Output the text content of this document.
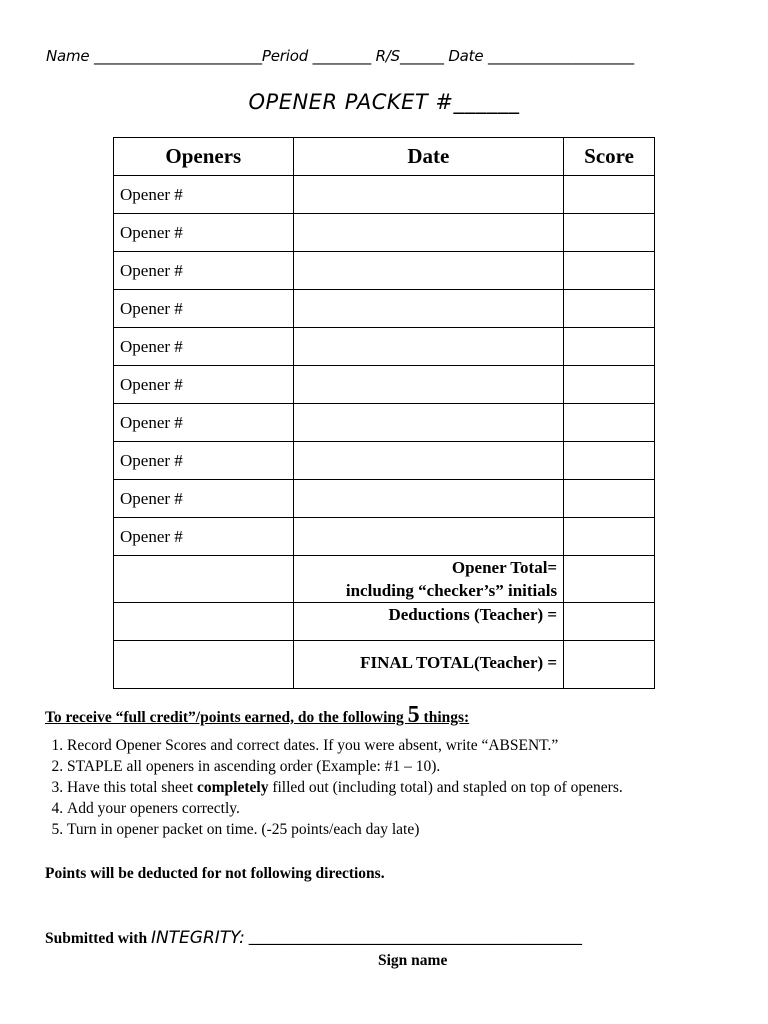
Name _______________________Period ________ R/S______ Date ____________________
OPENER PACKET #______
Openers	Date	Score
Opener #		
Opener #		
Opener #		
Opener #		
Opener #		
Opener #		
Opener #		
Opener #		
Opener #		
Opener #		

	Opener Total=
including “checker’s” initials	

	Deductions (Teacher) =	
	FINAL TOTAL(Teacher) =	

To receive “full credit”/points earned, do the following 5 things:

1. Record Opener Scores and correct dates. If you were absent, write “ABSENT.”
2. STAPLE all openers in ascending order (Example: #1 – 10).
3. Have this total sheet completely filled out (including total) and stapled on top of openers.
4. Add your openers correctly.
5. Turn in opener packet on time. (-25 points/each day late)
Points will be deducted for not following directions.
Submitted with INTEGRITY: ___________________________________________
Sign name
